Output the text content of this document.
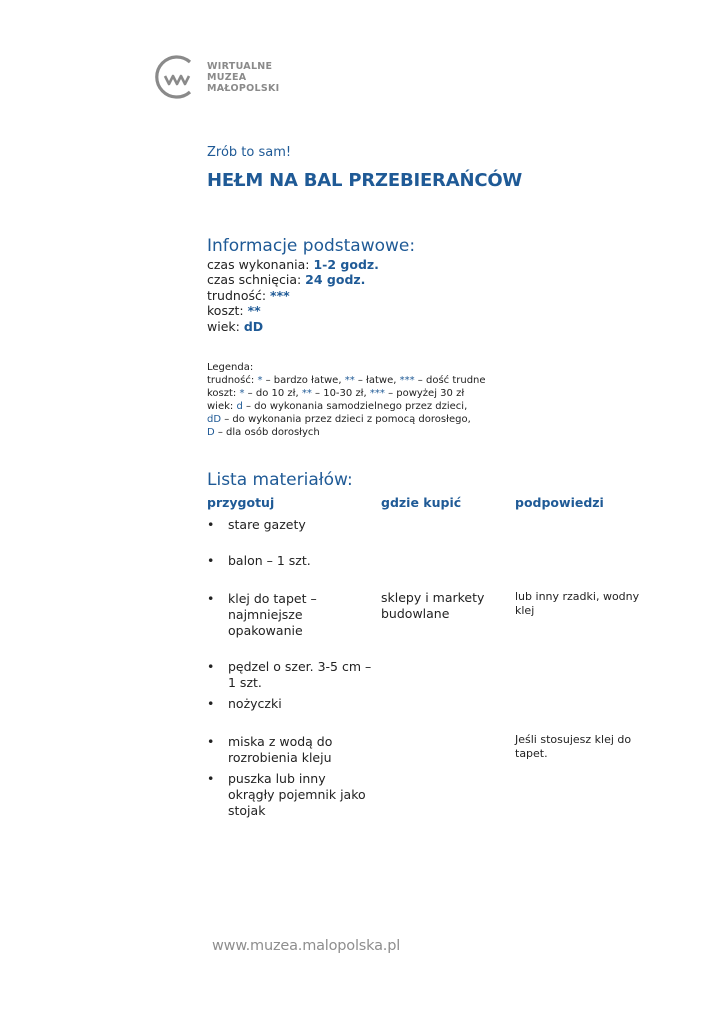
WIRTUALNE
MUZEA
MAŁOPOLSKI
Zrób to sam!
HEŁM NA BAL PRZEBIERAŃCÓW
Informacje podstawowe:
czas wykonania: 1-2 godz.
czas schnięcia: 24 godz.
trudność: ***
koszt: **
wiek: dD
Legenda:
trudność: * – bardzo łatwe, ** – łatwe, *** – dość trudne
koszt: * – do 10 zł, ** – 10-30 zł, *** – powyżej 30 zł
wiek: d – do wykonania samodzielnego przez dzieci,
dD – do wykonania przez dzieci z pomocą dorosłego,
D – dla osób dorosłych
Lista materiałów:
przygotuj	gdzie kupić	podpowiedzi
• stare gazety
• balon – 1 szt.
• klej do tapet – najmniejsze opakowanie
sklepy i markety budowlane
lub inny rzadki, wodny klej
• pędzel o szer. 3-5 cm – 1 szt.
• nożyczki
• miska z wodą do rozrobienia kleju
Jeśli stosujesz klej do tapet.
• puszka lub inny okrągły pojemnik jako stojak
www.muzea.malopolska.pl
